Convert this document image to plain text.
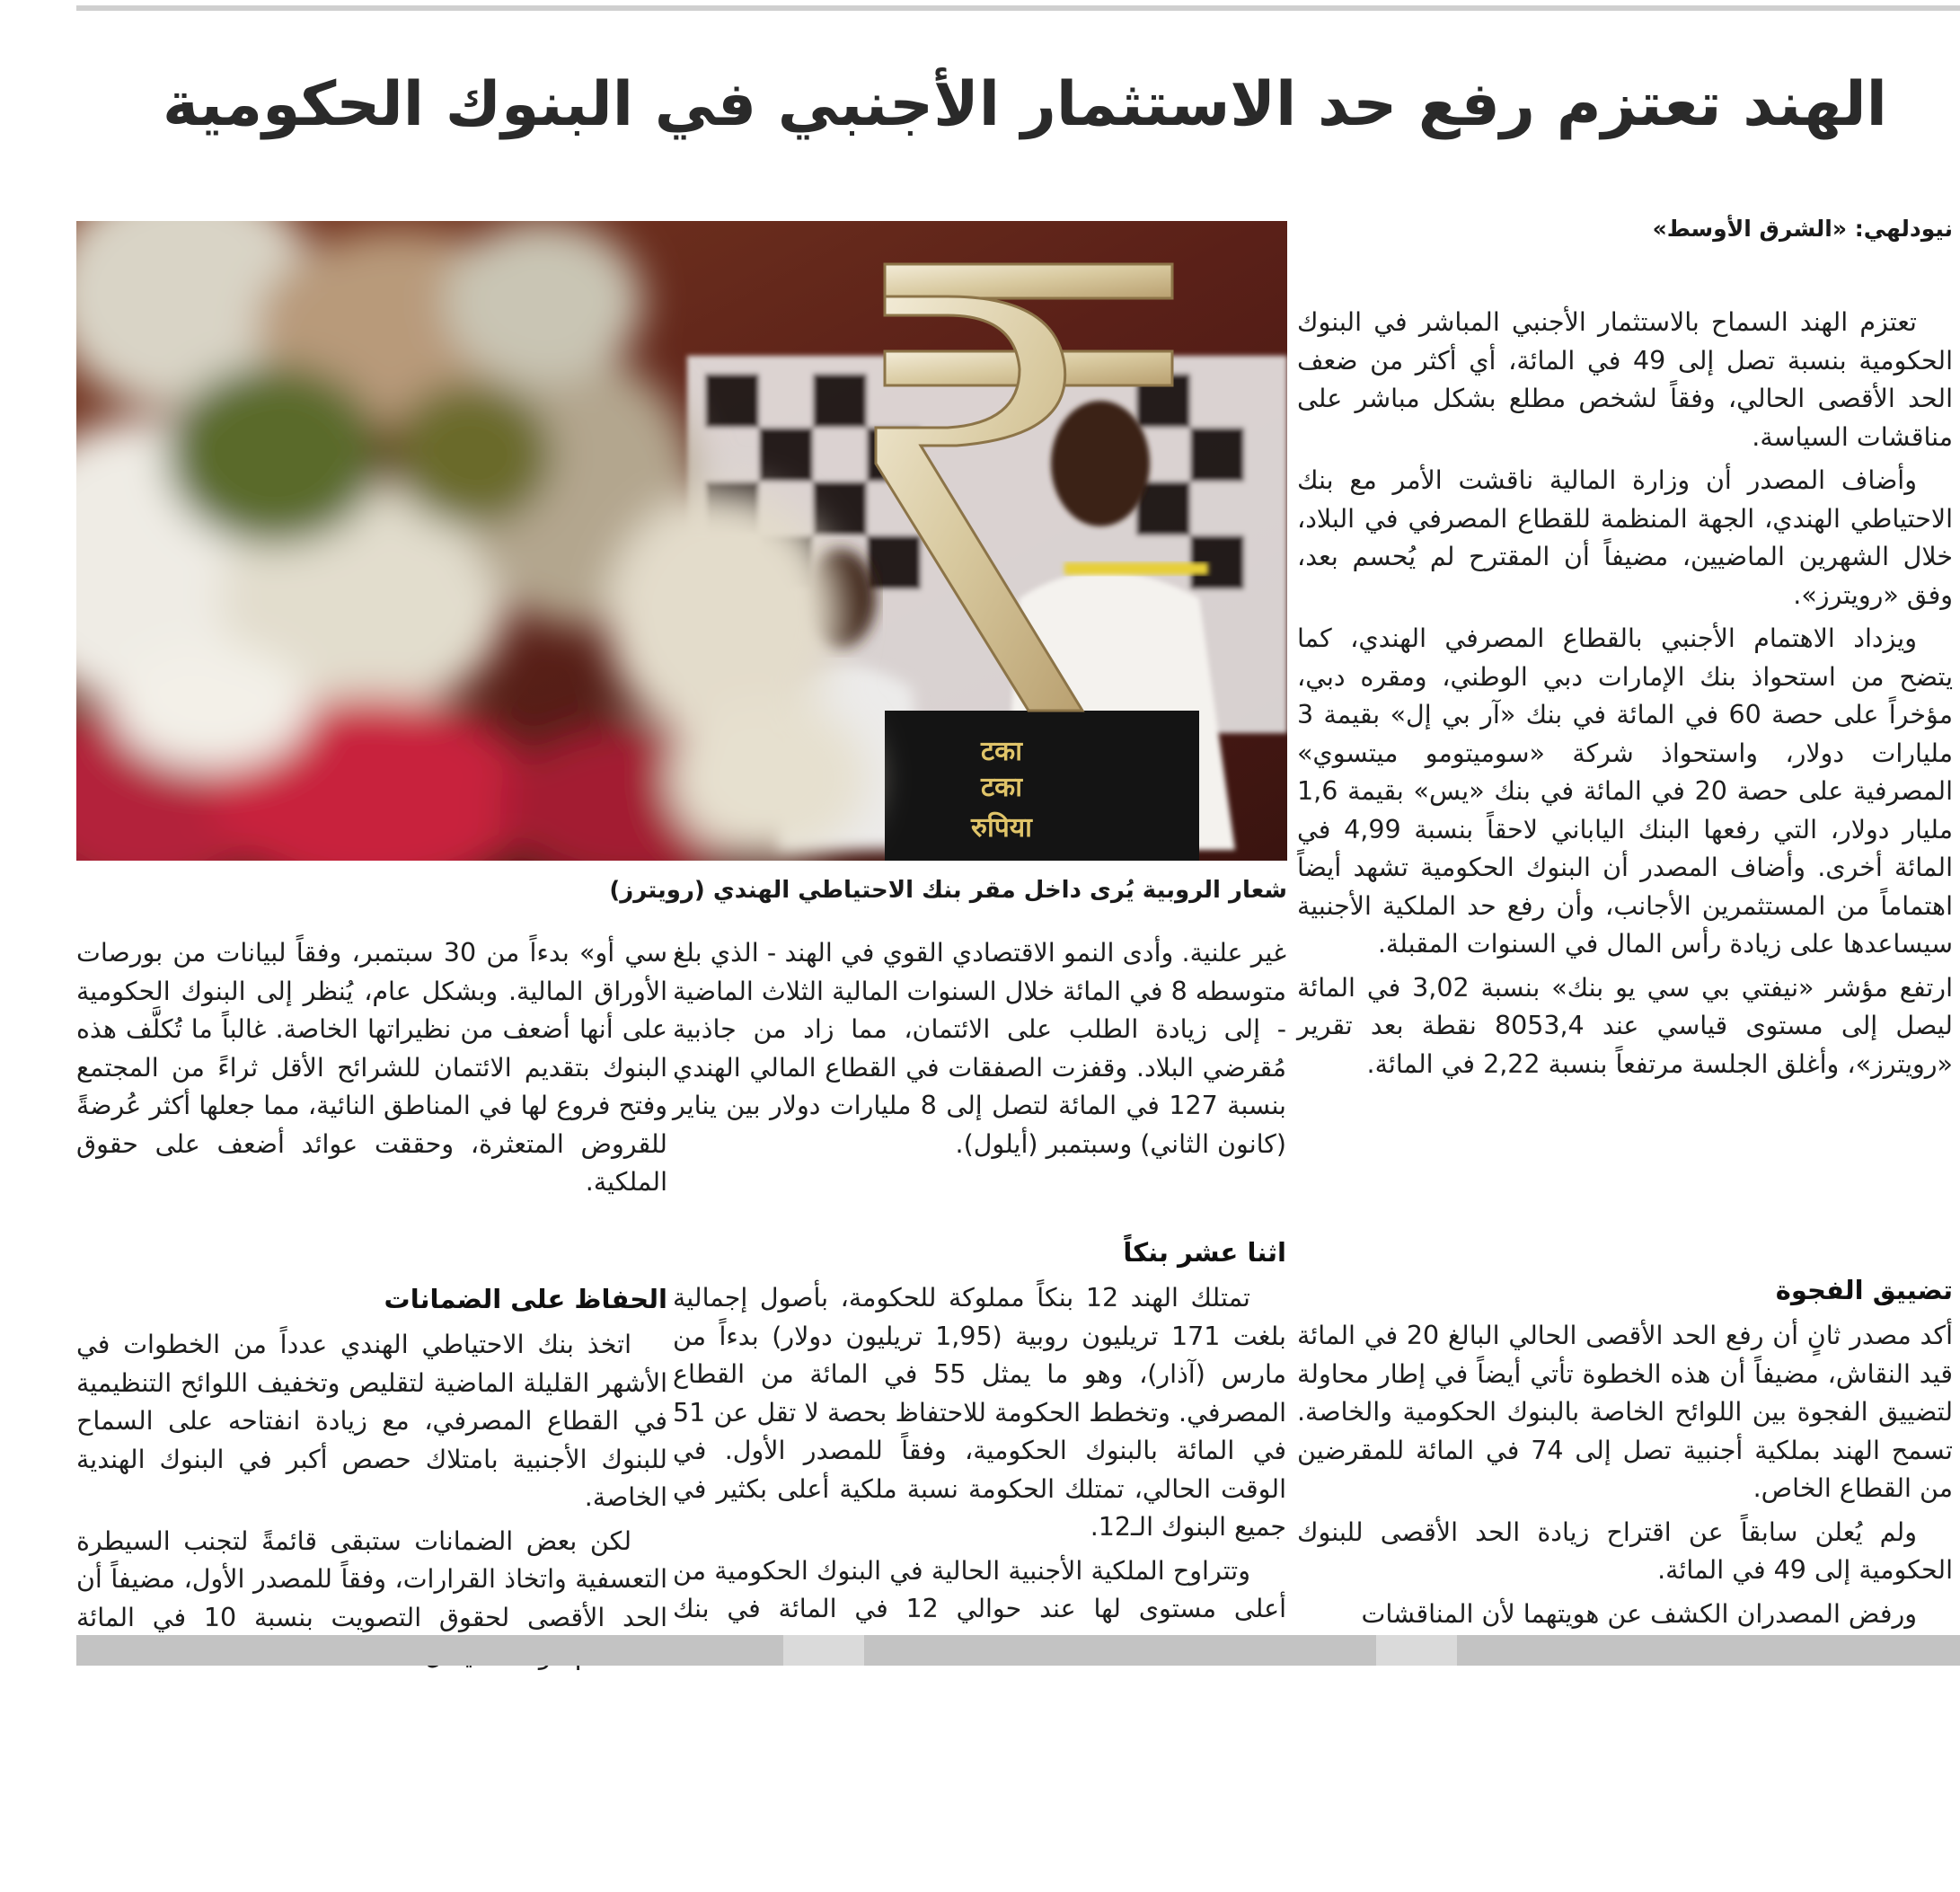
الهند تعتزم رفع حد الاستثمار الأجنبي في البنوك الحكومية
نيودلهي: «الشرق الأوسط»
टका
टका
रुपिया
شعار الروبية يُرى داخل مقر بنك الاحتياطي الهندي (رويترز)

تعتزم الهند السماح بالاستثمار الأجنبي المباشر في البنوك الحكومية بنسبة تصل إلى 49 في المائة، أي أكثر من ضعف الحد الأقصى الحالي، وفقاً لشخص مطلع بشكل مباشر على مناقشات السياسة.

وأضاف المصدر أن وزارة المالية ناقشت الأمر مع بنك الاحتياطي الهندي، الجهة المنظمة للقطاع المصرفي في البلاد، خلال الشهرين الماضيين، مضيفاً أن المقترح لم يُحسم بعد، وفق «رويترز».

ويزداد الاهتمام الأجنبي بالقطاع المصرفي الهندي، كما يتضح من استحواذ بنك الإمارات دبي الوطني، ومقره دبي، مؤخراً على حصة 60 في المائة في بنك «آر بي إل» بقيمة 3 مليارات دولار، واستحواذ شركة «سوميتومو ميتسوي» المصرفية على حصة 20 في المائة في بنك «يس» بقيمة 1,6 مليار دولار، التي رفعها البنك الياباني لاحقاً بنسبة 4,99 في المائة أخرى. وأضاف المصدر أن البنوك الحكومية تشهد أيضاً اهتماماً من المستثمرين الأجانب، وأن رفع حد الملكية الأجنبية سيساعدها على زيادة رأس المال في السنوات المقبلة.

ارتفع مؤشر «نيفتي بي سي يو بنك» بنسبة 3,02 في المائة ليصل إلى مستوى قياسي عند 8053,4 نقطة بعد تقرير «رويترز»، وأغلق الجلسة مرتفعاً بنسبة 2,22 في المائة.

تضييق الفجوة

أكد مصدر ثانٍ أن رفع الحد الأقصى الحالي البالغ 20 في المائة قيد النقاش، مضيفاً أن هذه الخطوة تأتي أيضاً في إطار محاولة لتضييق الفجوة بين اللوائح الخاصة بالبنوك الحكومية والخاصة. تسمح الهند بملكية أجنبية تصل إلى 74 في المائة للمقرضين من القطاع الخاص.

ولم يُعلن سابقاً عن اقتراح زيادة الحد الأقصى للبنوك الحكومية إلى 49 في المائة.

ورفض المصدران الكشف عن هويتهما لأن المناقشات

غير علنية. وأدى النمو الاقتصادي القوي في الهند - الذي بلغ متوسطه 8 في المائة خلال السنوات المالية الثلاث الماضية - إلى زيادة الطلب على الائتمان، مما زاد من جاذبية مُقرضي البلاد. وقفزت الصفقات في القطاع المالي الهندي بنسبة 127 في المائة لتصل إلى 8 مليارات دولار بين يناير (كانون الثاني) وسبتمبر (أيلول).

اثنا عشر بنكاً

تمتلك الهند 12 بنكاً مملوكة للحكومة، بأصول إجمالية بلغت 171 تريليون روبية (1,95 تريليون دولار) بدءاً من مارس (آذار)، وهو ما يمثل 55 في المائة من القطاع المصرفي. وتخطط الحكومة للاحتفاظ بحصة لا تقل عن 51 في المائة بالبنوك الحكومية، وفقاً للمصدر الأول. في الوقت الحالي، تمتلك الحكومة نسبة ملكية أعلى بكثير في جميع البنوك الـ12.

وتتراوح الملكية الأجنبية الحالية في البنوك الحكومية من أعلى مستوى لها عند حوالي 12 في المائة في بنك

سي أو» بدءاً من 30 سبتمبر، وفقاً لبيانات من بورصات الأوراق المالية. وبشكل عام، يُنظر إلى البنوك الحكومية على أنها أضعف من نظيراتها الخاصة. غالباً ما تُكلَّف هذه البنوك بتقديم الائتمان للشرائح الأقل ثراءً من المجتمع وفتح فروع لها في المناطق النائية، مما جعلها أكثر عُرضةً للقروض المتعثرة، وحققت عوائد أضعف على حقوق الملكية.

الحفاظ على الضمانات

اتخذ بنك الاحتياطي الهندي عدداً من الخطوات في الأشهر القليلة الماضية لتقليص وتخفيف اللوائح التنظيمية في القطاع المصرفي، مع زيادة انفتاحه على السماح للبنوك الأجنبية بامتلاك حصص أكبر في البنوك الهندية الخاصة.

لكن بعض الضمانات ستبقى قائمةً لتجنب السيطرة التعسفية واتخاذ القرارات، وفقاً للمصدر الأول، مضيفاً أن الحد الأقصى لحقوق التصويت بنسبة 10 في المائة
